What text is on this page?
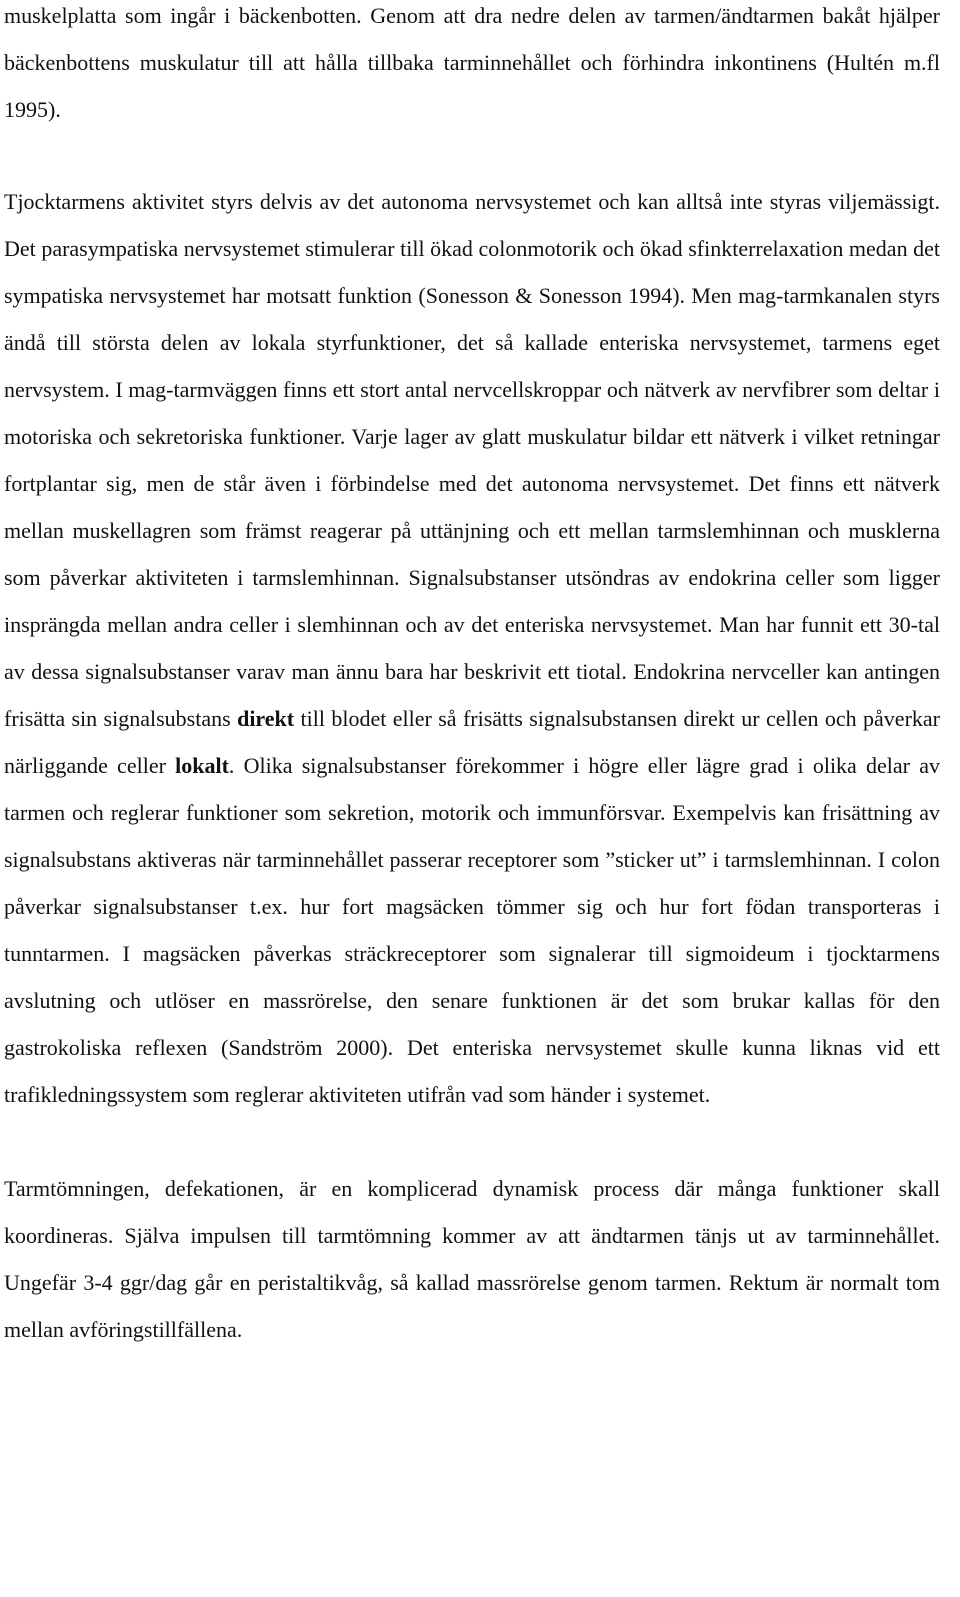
muskelplatta som ingår i bäckenbotten. Genom att dra nedre delen av tarmen/ändtarmen bakåt hjälper bäckenbottens muskulatur till att hålla tillbaka tarminnehållet och förhindra inkontinens (Hultén m.fl 1995).

Tjocktarmens aktivitet styrs delvis av det autonoma nervsystemet och kan alltså inte styras viljemässigt. Det parasympatiska nervsystemet stimulerar till ökad colonmotorik och ökad sfinkterrelaxation medan det sympatiska nervsystemet har motsatt funktion (Sonesson & Sonesson 1994). Men mag-tarmkanalen styrs ändå till största delen av lokala styrfunktioner, det så kallade enteriska nervsystemet, tarmens eget nervsystem. I mag-tarmväggen finns ett stort antal nervcellskroppar och nätverk av nervfibrer som deltar i motoriska och sekretoriska funktioner. Varje lager av glatt muskulatur bildar ett nätverk i vilket retningar fortplantar sig, men de står även i förbindelse med det autonoma nervsystemet. Det finns ett nätverk mellan muskellagren som främst reagerar på uttänjning och ett mellan tarmslemhinnan och musklerna som påverkar aktiviteten i tarmslemhinnan. Signalsubstanser utsöndras av endokrina celler som ligger insprängda mellan andra celler i slemhinnan och av det enteriska nervsystemet. Man har funnit ett 30-tal av dessa signalsubstanser varav man ännu bara har beskrivit ett tiotal. Endokrina nervceller kan antingen frisätta sin signalsubstans direkt till blodet eller så frisätts signalsubstansen direkt ur cellen och påverkar närliggande celler lokalt. Olika signalsubstanser förekommer i högre eller lägre grad i olika delar av tarmen och reglerar funktioner som sekretion, motorik och immunförsvar. Exempelvis kan frisättning av signalsubstans aktiveras när tarminnehållet passerar receptorer som ”sticker ut” i tarmslemhinnan. I colon påverkar signalsubstanser t.ex. hur fort magsäcken tömmer sig och hur fort födan transporteras i tunntarmen. I magsäcken påverkas sträckreceptorer som signalerar till sigmoideum i tjocktarmens avslutning och utlöser en massrörelse, den senare funktionen är det som brukar kallas för den gastrokoliska reflexen (Sandström 2000). Det enteriska nervsystemet skulle kunna liknas vid ett trafikledningssystem som reglerar aktiviteten utifrån vad som händer i systemet.

Tarmtömningen, defekationen, är en komplicerad dynamisk process där många funktioner skall koordineras. Själva impulsen till tarmtömning kommer av att ändtarmen tänjs ut av tarminnehållet. Ungefär 3-4 ggr/dag går en peristaltikvåg, så kallad massrörelse genom tarmen. Rektum är normalt tom mellan avföringstillfällena.
